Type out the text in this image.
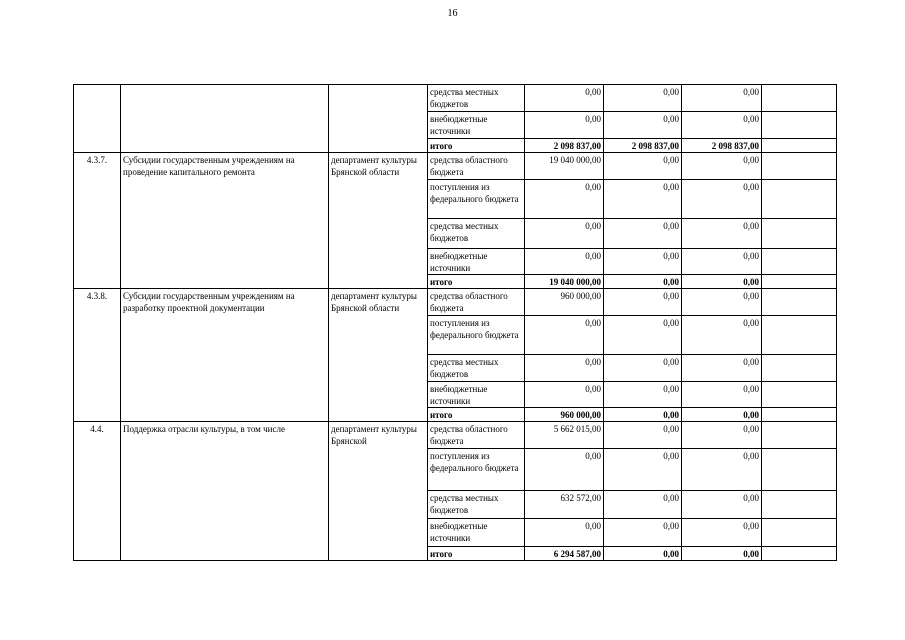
16
			средства местных бюджетов	0,00	0,00	0,00	
			внебюджетные источники	0,00	0,00	0,00	
			итого	2 098 837,00	2 098 837,00	2 098 837,00	
4.3.7.	Субсидии государственным учреждениям на проведение капитального ремонта	департамент культуры Брянской области	средства областного бюджета	19 040 000,00	0,00	0,00	
			поступления из федерального бюджета	0,00	0,00	0,00	
			средства местных бюджетов	0,00	0,00	0,00	
			внебюджетные источники	0,00	0,00	0,00	
			итого	19 040 000,00	0,00	0,00	
4.3.8.	Субсидии государственным учреждениям на разработку проектной документации	департамент культуры Брянской области	средства областного бюджета	960 000,00	0,00	0,00	
			поступления из федерального бюджета	0,00	0,00	0,00	
			средства местных бюджетов	0,00	0,00	0,00	
			внебюджетные источники	0,00	0,00	0,00	
			итого	960 000,00	0,00	0,00	
4.4.	Поддержка отрасли культуры, в том числе	департамент культуры Брянской	средства областного бюджета	5 662 015,00	0,00	0,00	
			поступления из федерального бюджета	0,00	0,00	0,00	
			средства местных бюджетов	632 572,00	0,00	0,00	
			внебюджетные источники	0,00	0,00	0,00	
			итого	6 294 587,00	0,00	0,00	
